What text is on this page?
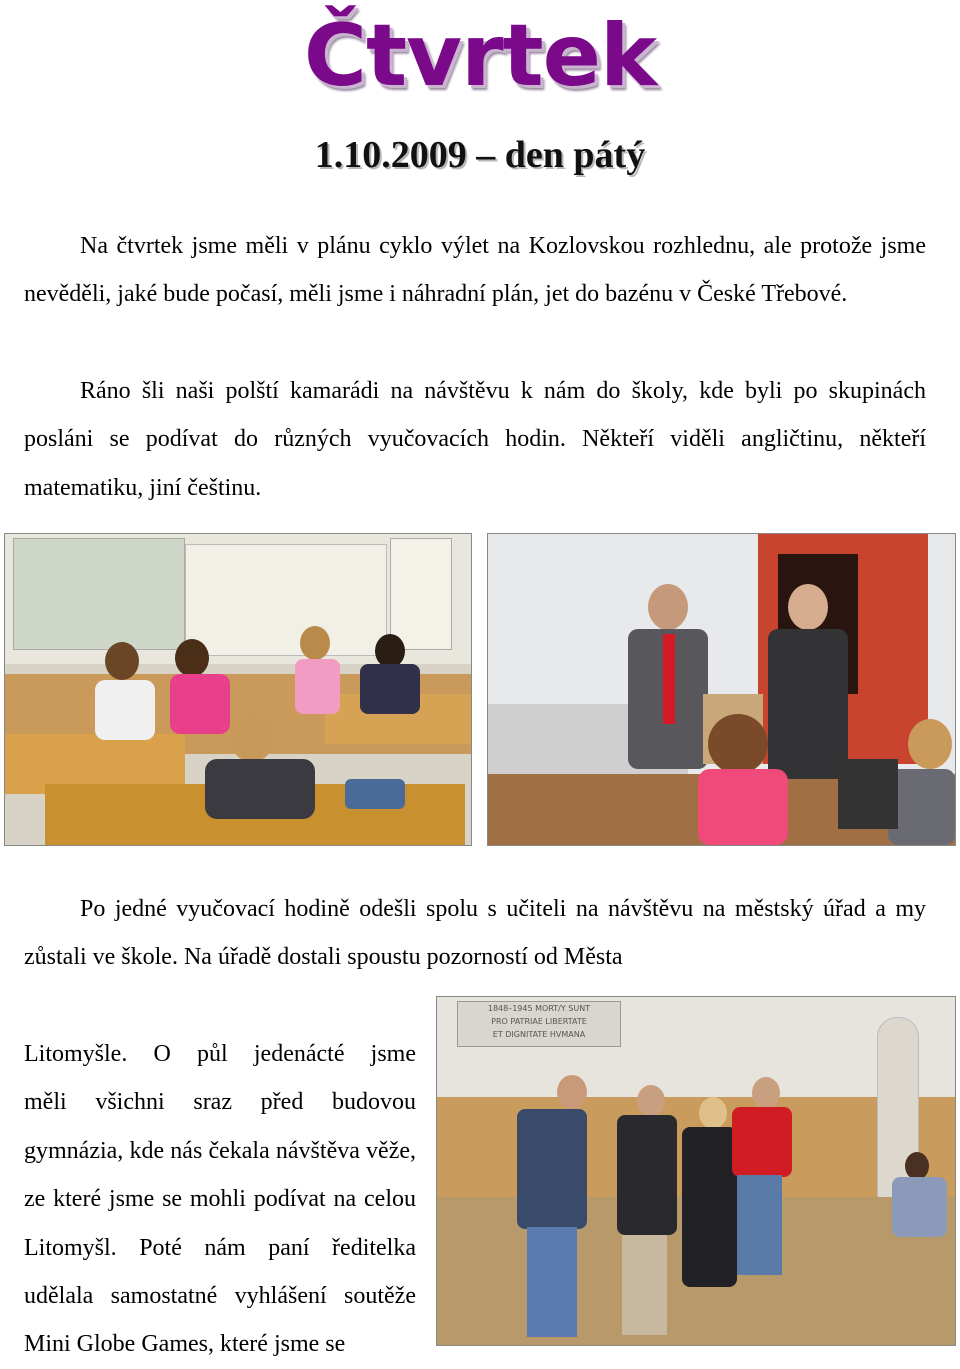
Čtvrtek
1.10.2009 – den pátý

Na čtvrtek jsme měli v plánu cyklo výlet na Kozlovskou rozhlednu, ale protože jsme nevěděli, jaké bude počasí, měli jsme i náhradní plán, jet do bazénu v České Třebové.

Ráno šli naši polští kamarádi na návštěvu k nám do školy, kde byli po skupinách posláni se podívat do různých vyučovacích hodin. Někteří viděli angličtinu, někteří matematiku, jiní češtinu.

Po jedné vyučovací hodině odešli spolu s učiteli na návštěvu na městský úřad a my zůstali ve škole. Na úřadě dostali spoustu pozorností od Města

Litomyšle. O půl jedenácté jsme
měli všichni sraz před budovou gymnázia, kde nás čekala návštěva věže, ze které jsme se mohli podívat na celou Litomyšl. Poté nám paní ředitelka udělala samostatné vyhlášení soutěže Mini Globe Games, které jsme se

1848–1945 MORT/Y SUNT
PRO PATRIAE LIBERTATE
ET DIGNITATE HVMANA
